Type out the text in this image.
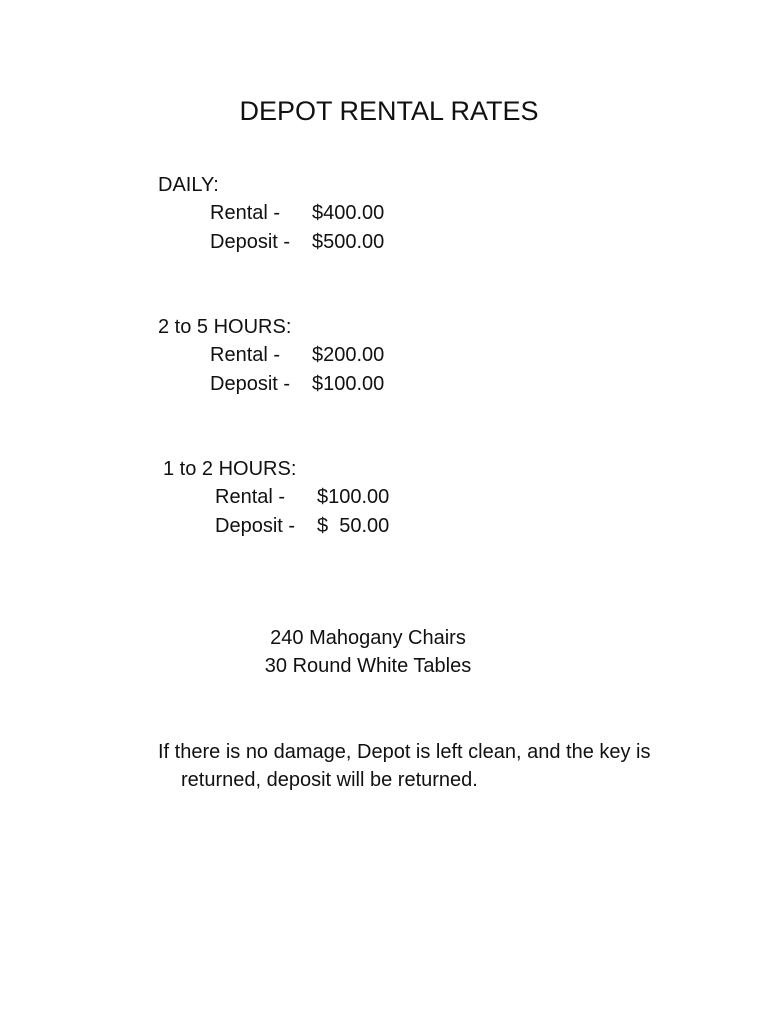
DEPOT RENTAL RATES
DAILY:
Rental -	$400.00
Deposit -	$500.00
2 to 5 HOURS:
Rental -	$200.00
Deposit -	$100.00
1 to 2 HOURS:
Rental -	$100.00
Deposit -	$  50.00
240 Mahogany Chairs
30 Round White Tables
If there is no damage, Depot is left clean, and the key is
returned, deposit will be returned.
